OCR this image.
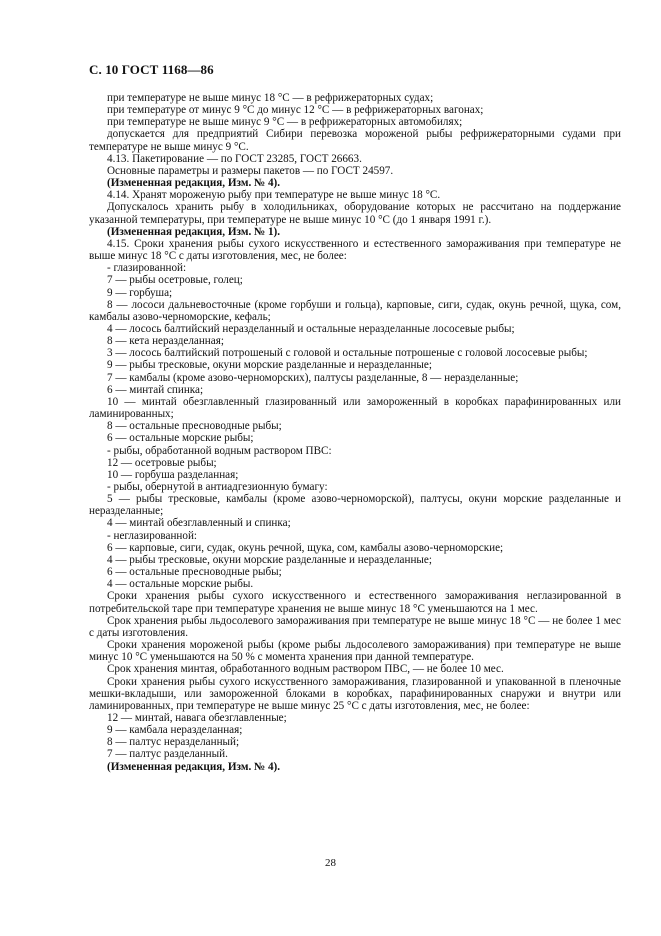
С. 10 ГОСТ 1168—86

при температуре не выше минус 18 °С — в рефрижераторных судах;

при температуре от минус 9 °С до минус 12 °С — в рефрижераторных вагонах;

при температуре не выше минус 9 °С — в рефрижераторных автомобилях;

допускается для предприятий Сибири перевозка мороженой рыбы рефрижераторными судами при температуре не выше минус 9 °С.

4.13. Пакетирование — по ГОСТ 23285, ГОСТ 26663.

Основные параметры и размеры пакетов — по ГОСТ 24597.

(Измененная редакция, Изм. № 4).

4.14. Хранят мороженую рыбу при температуре не выше минус 18 °С.

Допускалось хранить рыбу в холодильниках, оборудование которых не рассчитано на поддержание указанной температуры, при температуре не выше минус 10 °С (до 1 января 1991 г.).

(Измененная редакция, Изм. № 1).

4.15. Сроки хранения рыбы сухого искусственного и естественного замораживания при температуре не выше минус 18 °С с даты изготовления, мес, не более:

- глазированной:

7 — рыбы осетровые, голец;

9 — горбуша;

8 — лососи дальневосточные (кроме горбуши и гольца), карповые, сиги, судак, окунь речной, щука, сом, камбалы азово-черноморские, кефаль;

4 — лосось балтийский неразделанный и остальные неразделанные лососевые рыбы;

8 — кета неразделанная;

3 — лосось балтийский потрошеный с головой и остальные потрошеные с головой лососевые рыбы;

9 — рыбы тресковые, окуни морские разделанные и неразделанные;

7 — камбалы (кроме азово-черноморских), палтусы разделанные, 8 — неразделанные;

6 — минтай спинка;

10 — минтай обезглавленный глазированный или замороженный в коробках парафинированных или ламинированных;

8 — остальные пресноводные рыбы;

6 — остальные морские рыбы;

- рыбы, обработанной водным раствором ПВС:

12 — осетровые рыбы;

10 — горбуша разделанная;

- рыбы, обернутой в антиадгезионную бумагу:

5 — рыбы тресковые, камбалы (кроме азово-черноморской), палтусы, окуни морские разделанные и неразделанные;

4 — минтай обезглавленный и спинка;

- неглазированной:

6 — карповые, сиги, судак, окунь речной, щука, сом, камбалы азово-черноморские;

4 — рыбы тресковые, окуни морские разделанные и неразделанные;

6 — остальные пресноводные рыбы;

4 — остальные морские рыбы.

Сроки хранения рыбы сухого искусственного и естественного замораживания неглазированной в потребительской таре при температуре хранения не выше минус 18 °С уменьшаются на 1 мес.

Срок хранения рыбы льдосолевого замораживания при температуре не выше минус 18 °С — не более 1 мес с даты изготовления.

Сроки хранения мороженой рыбы (кроме рыбы льдосолевого замораживания) при температуре не выше минус 10 °С уменьшаются на 50 % с момента хранения при данной температуре.

Срок хранения минтая, обработанного водным раствором ПВС, — не более 10 мес.

Сроки хранения рыбы сухого искусственного замораживания, глазированной и упакованной в пленочные мешки-вкладыши, или замороженной блоками в коробках, парафинированных снаружи и внутри или ламинированных, при температуре не выше минус 25 °С с даты изготовления, мес, не более:

12 — минтай, навага обезглавленные;

9 — камбала неразделанная;

8 — палтус неразделанный;

7 — палтус разделанный.

(Измененная редакция, Изм. № 4).

28
